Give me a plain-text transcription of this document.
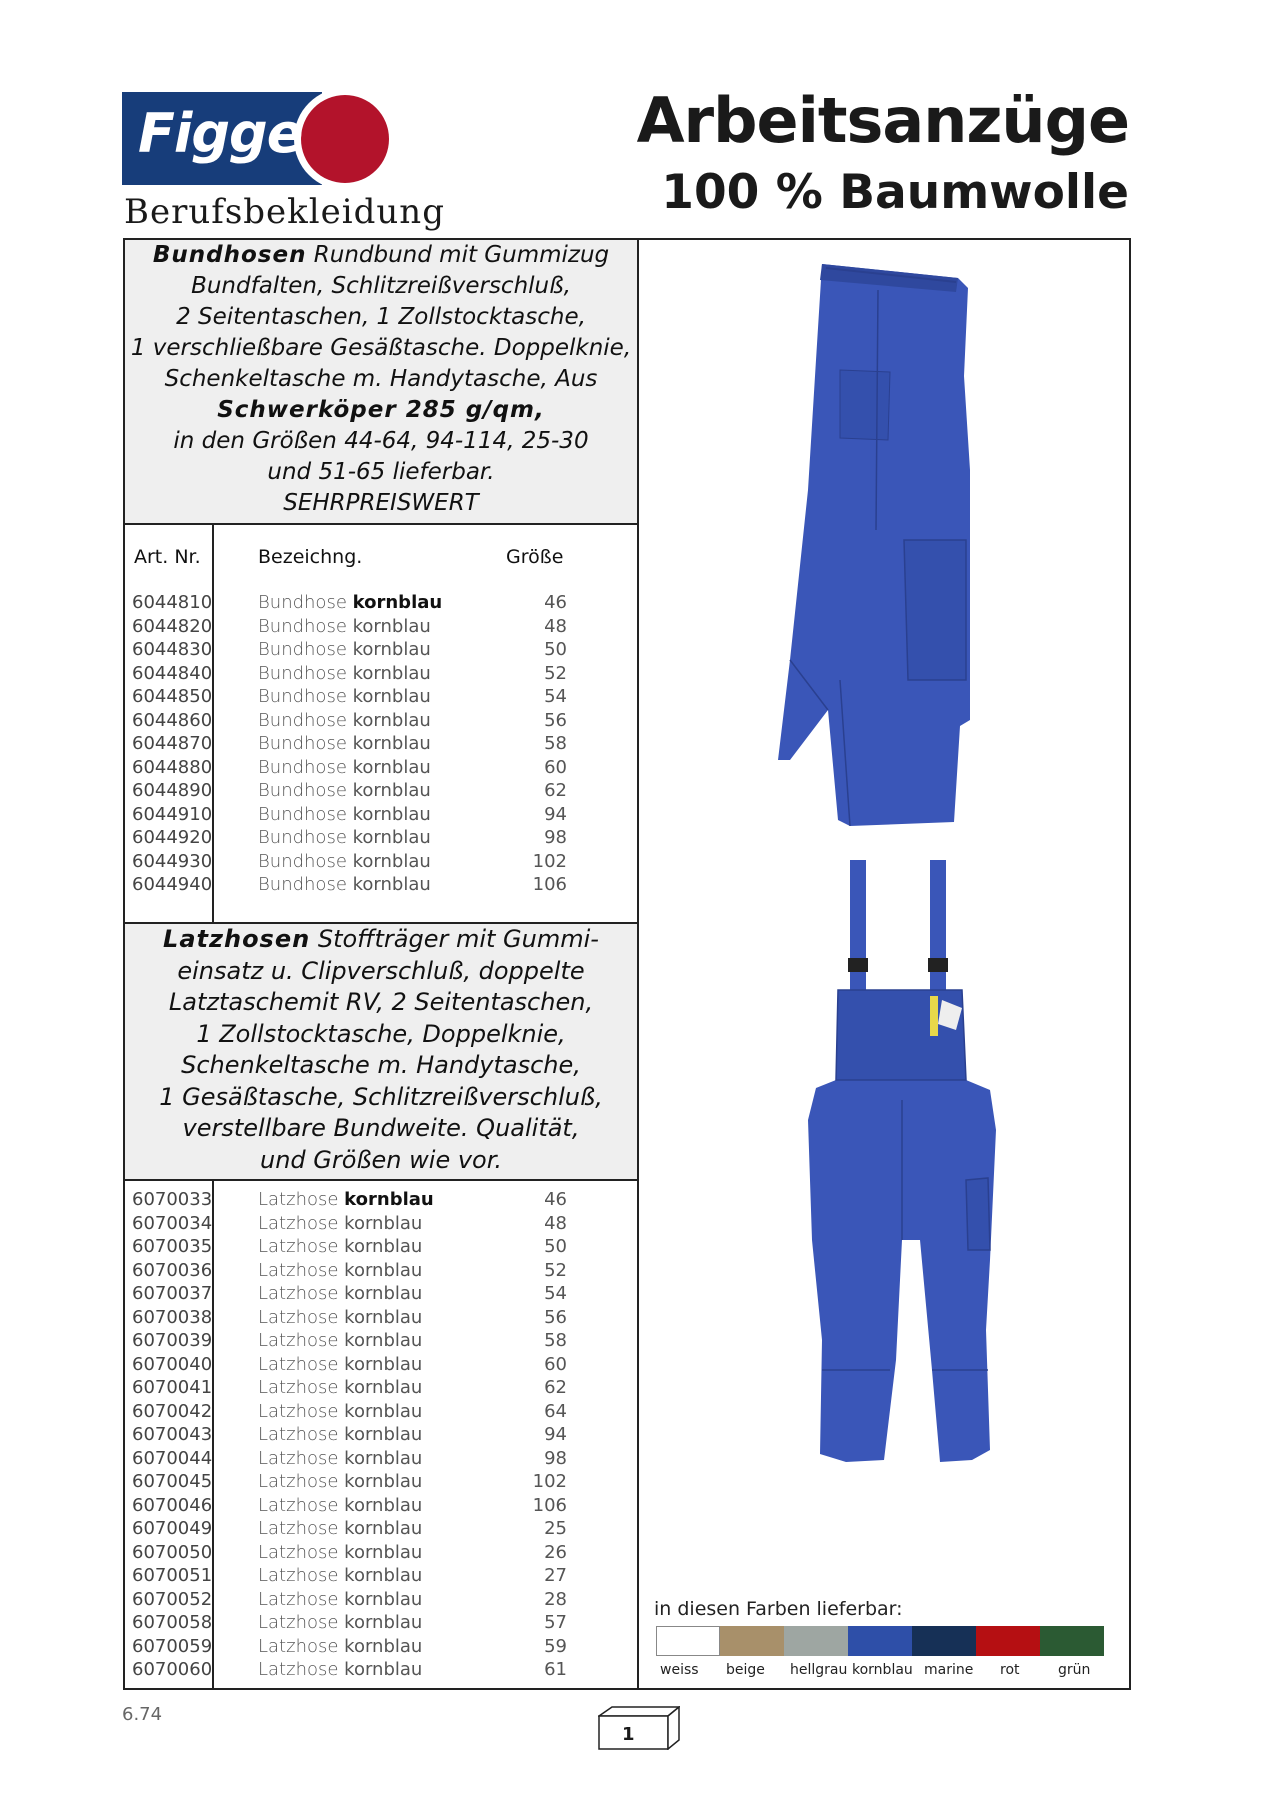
Figge
Berufsbekleidung
Arbeitsanzüge
100 % Baumwolle
Bundhosen Rundbund mit Gummizug
Bundfalten, Schlitzreißverschluß,
2 Seitentaschen, 1 Zollstocktasche,
1 verschließbare Gesäßtasche. Doppelknie,
Schenkeltasche m. Handytasche, Aus
Schwerköper 285 g/qm,
in den Größen 44-64, 94-114, 25-30
und 51-65 lieferbar.
SEHRPREISWERT
Art. Nr.	Bezeichng.	Größe
6044810	Bundhose kornblau	46
6044820	Bundhose kornblau	48
6044830	Bundhose kornblau	50
6044840	Bundhose kornblau	52
6044850	Bundhose kornblau	54
6044860	Bundhose kornblau	56
6044870	Bundhose kornblau	58
6044880	Bundhose kornblau	60
6044890	Bundhose kornblau	62
6044910	Bundhose kornblau	94
6044920	Bundhose kornblau	98
6044930	Bundhose kornblau	102
6044940	Bundhose kornblau	106
Latzhosen Stoffträger mit Gummi-
einsatz u. Clipverschluß, doppelte
Latztaschemit RV, 2 Seitentaschen,
1 Zollstocktasche, Doppelknie,
Schenkeltasche m. Handytasche,
1 Gesäßtasche, Schlitzreißverschluß,
verstellbare Bundweite. Qualität,
und Größen wie vor.
6070033	Latzhose kornblau	46
6070034	Latzhose kornblau	48
6070035	Latzhose kornblau	50
6070036	Latzhose kornblau	52
6070037	Latzhose kornblau	54
6070038	Latzhose kornblau	56
6070039	Latzhose kornblau	58
6070040	Latzhose kornblau	60
6070041	Latzhose kornblau	62
6070042	Latzhose kornblau	64
6070043	Latzhose kornblau	94
6070044	Latzhose kornblau	98
6070045	Latzhose kornblau	102
6070046	Latzhose kornblau	106
6070049	Latzhose kornblau	25
6070050	Latzhose kornblau	26
6070051	Latzhose kornblau	27
6070052	Latzhose kornblau	28
6070058	Latzhose kornblau	57
6070059	Latzhose kornblau	59
6070060	Latzhose kornblau	61
in diesen Farben lieferbar:
weiss beige hellgrau kornblau marine rot	grün
6.74
1
